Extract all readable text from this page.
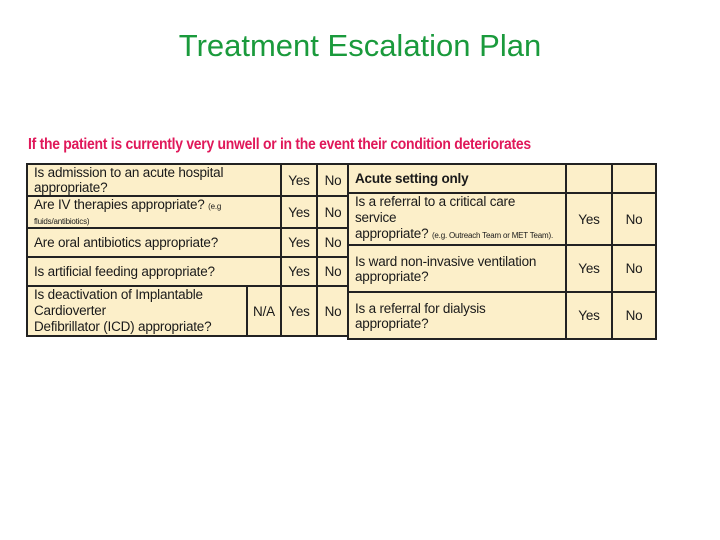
Treatment Escalation Plan
If the patient is currently very unwell or in the event their condition deteriorates
Is admission to an acute hospital appropriate?		Yes	No
Are IV therapies appropriate? (e.g fluids/antibiotics)		Yes	No
Are oral antibiotics appropriate?		Yes	No
Is artificial feeding appropriate?		Yes	No

Is deactivation of Implantable Cardioverter
Defibrillator (ICD) appropriate?	N/A	Yes	No
Acute setting only		

Is a referral to a critical care service
appropriate? (e.g. Outreach Team or MET Team).	Yes	No
Is ward non-invasive ventilation appropriate?	Yes	No
Is a referral for dialysis appropriate?	Yes	No
